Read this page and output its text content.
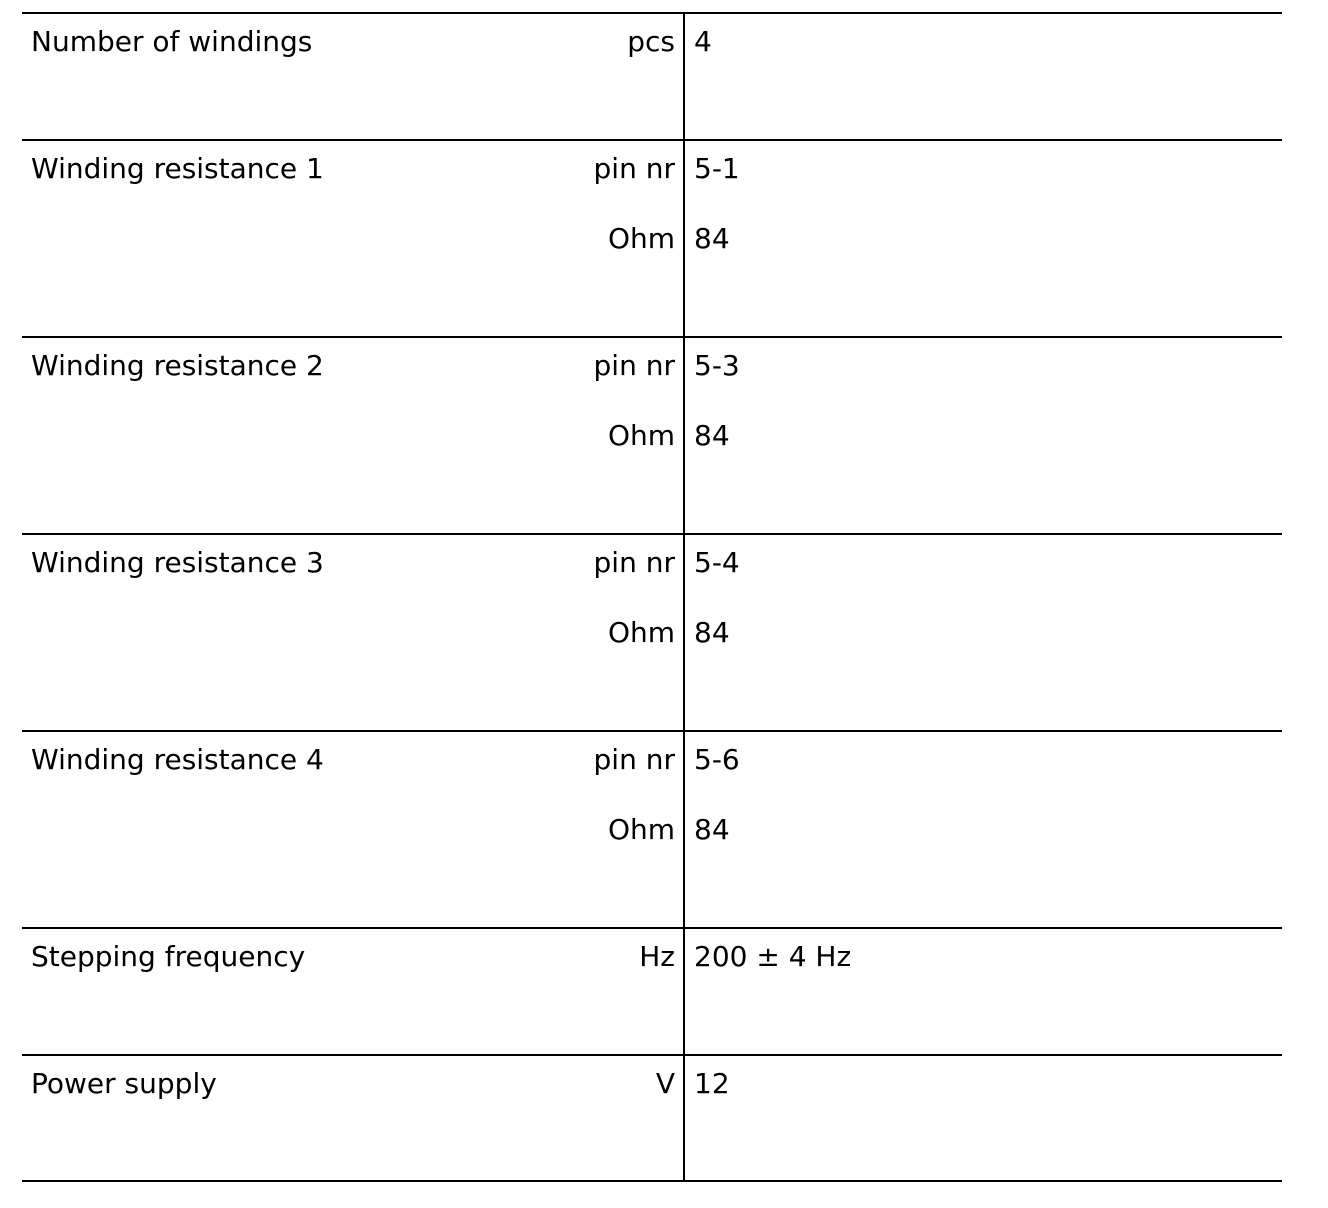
Number of windings	pcs 4
Winding resistance 1	pin nr 5-1
Ohm 84
Winding resistance 2	pin nr 5-3
Ohm 84
Winding resistance 3	pin nr 5-4
Ohm 84
Winding resistance 4	pin nr 5-6
Ohm 84
Stepping frequency	Hz 200 ± 4 Hz
Power supply	V 12
